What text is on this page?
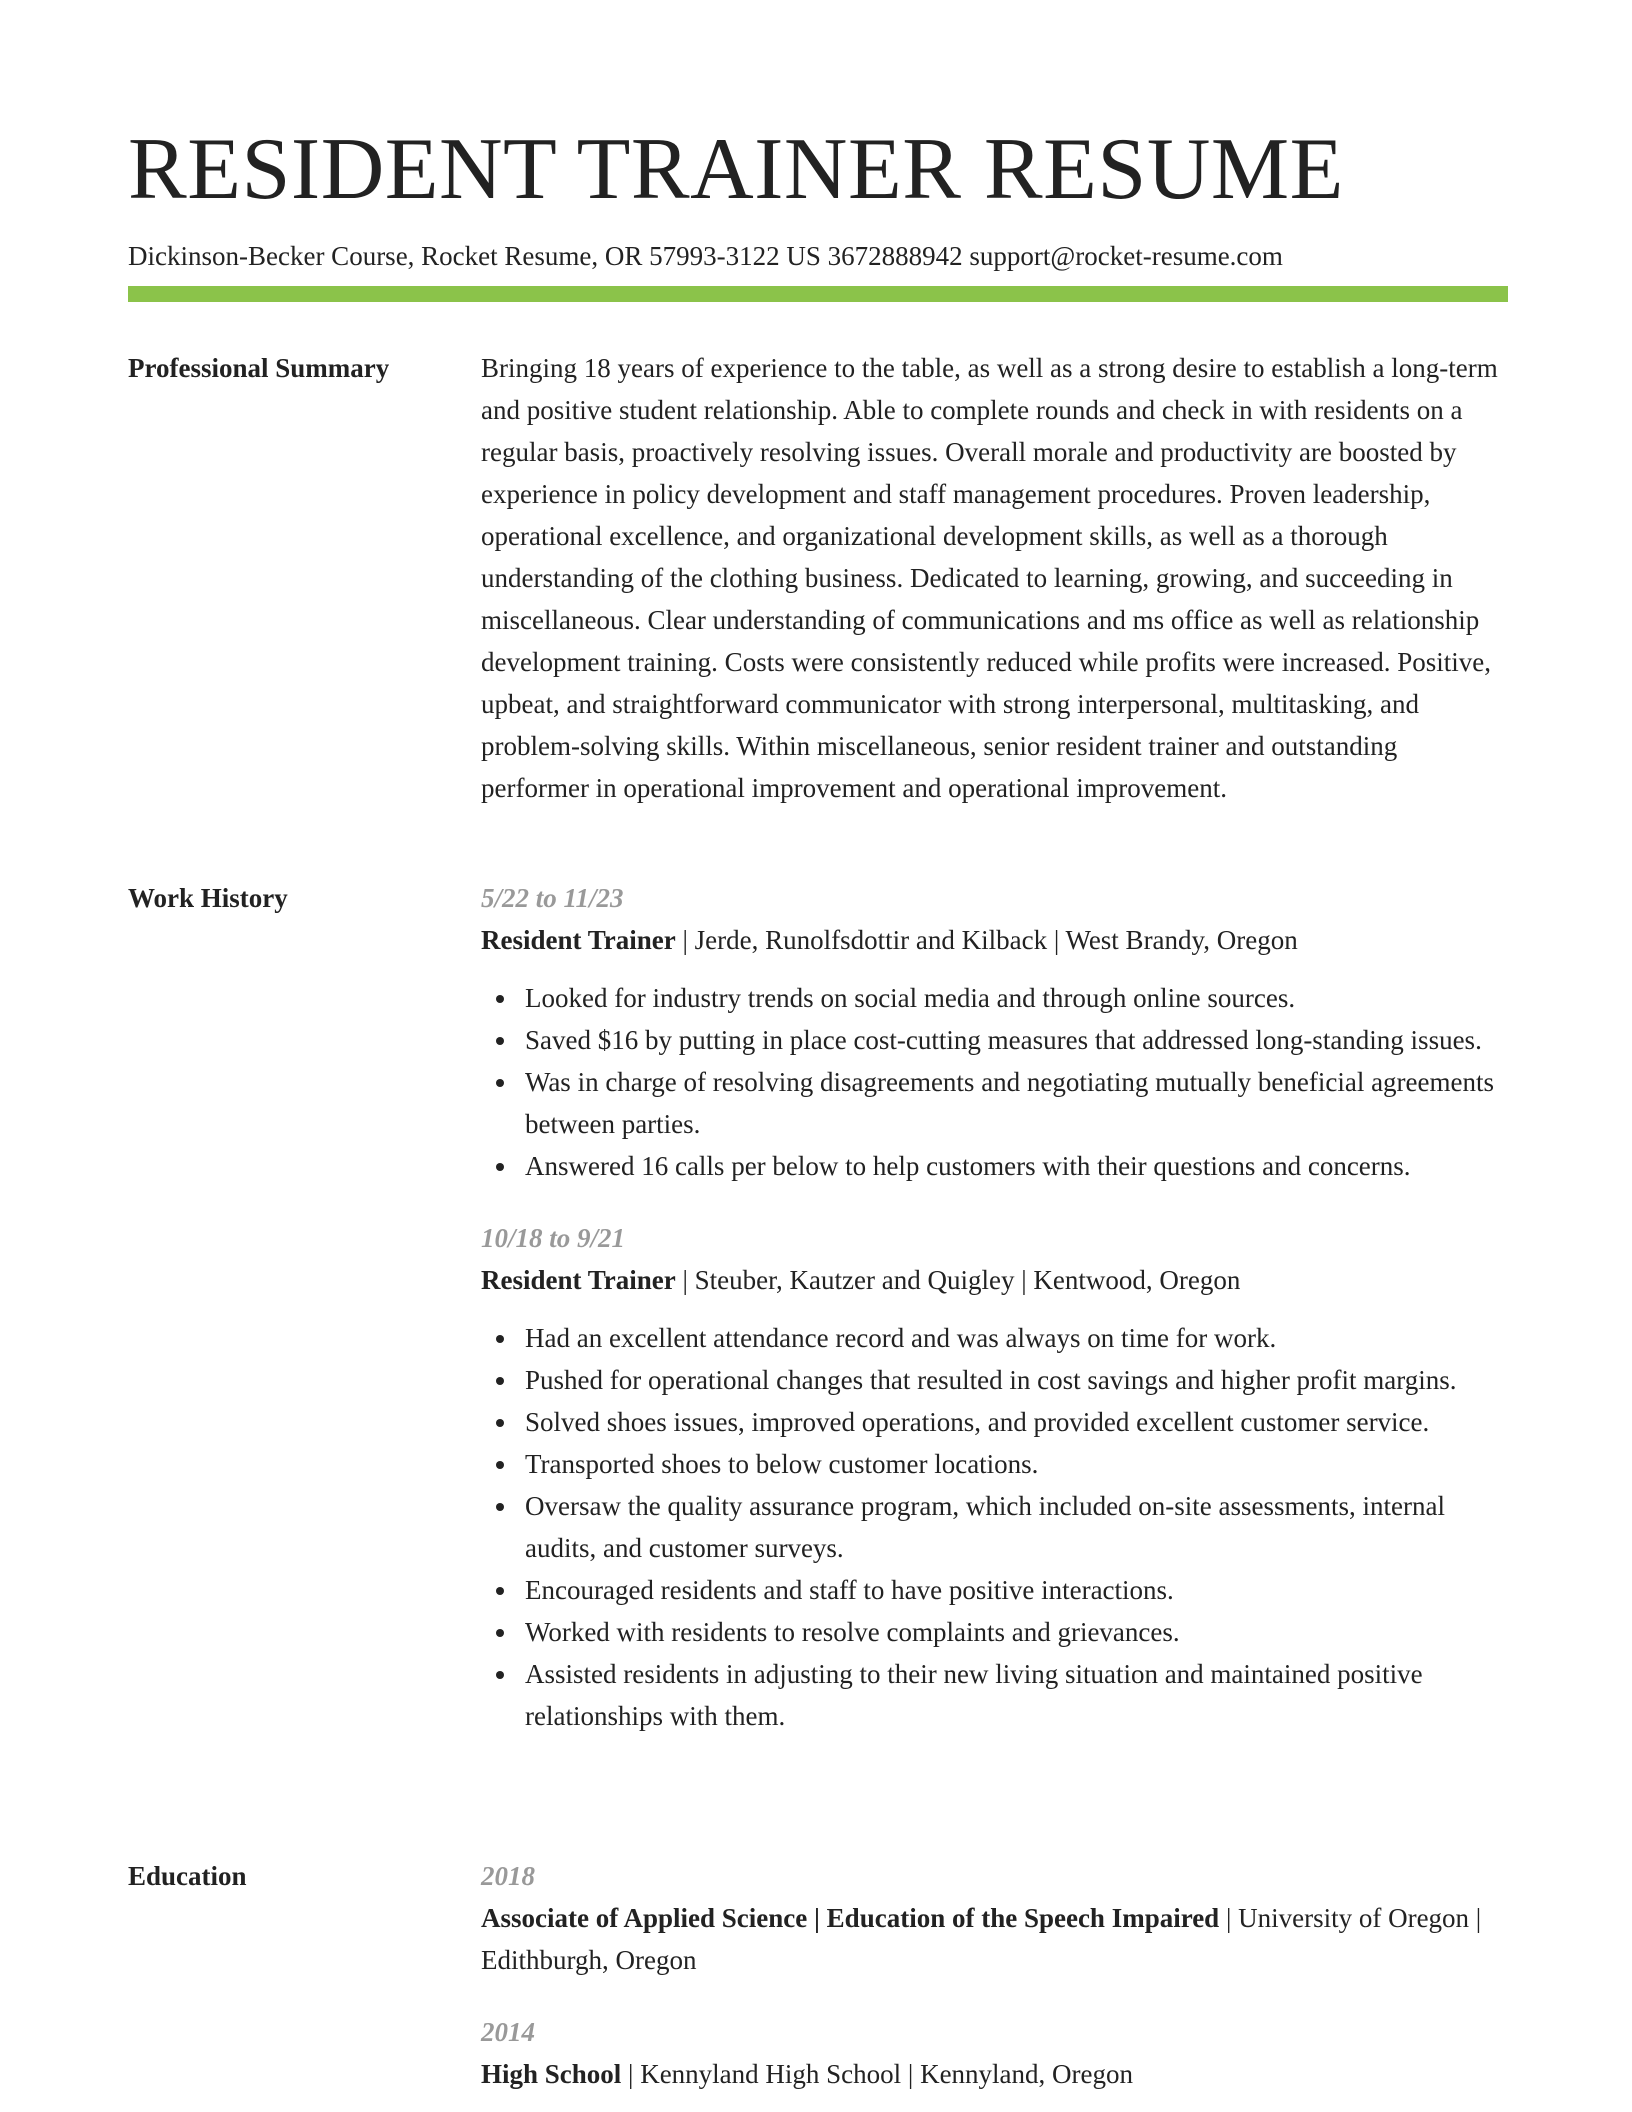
RESIDENT TRAINER RESUME
Dickinson-Becker Course, Rocket Resume, OR 57993-3122 US 3672888942 support@rocket-resume.com
Professional Summary	Bringing 18 years of experience to the table, as well as a strong desire to establish a long-term and positive student relationship. Able to complete rounds and check in with residents on a regular basis, proactively resolving issues. Overall morale and productivity are boosted by experience in policy development and staff management procedures. Proven leadership, operational excellence, and organizational development skills, as well as a thorough understanding of the clothing business. Dedicated to learning, growing, and succeeding in miscellaneous. Clear understanding of communications and ms office as well as relationship development training. Costs were consistently reduced while profits were increased. Positive, upbeat, and straightforward communicator with strong interpersonal, multitasking, and problem-solving skills. Within miscellaneous, senior resident trainer and outstanding performer in operational improvement and operational improvement.

Work History	5/22 to 11/23
Resident Trainer | Jerde, Runolfsdottir and Kilback | West Brandy, Oregon
Looked for industry trends on social media and through online sources.
Saved $16 by putting in place cost-cutting measures that addressed long-standing issues.
Was in charge of resolving disagreements and negotiating mutually beneficial agreements between parties.
Answered 16 calls per below to help customers with their questions and concerns.
10/18 to 9/21
Resident Trainer | Steuber, Kautzer and Quigley | Kentwood, Oregon
Had an excellent attendance record and was always on time for work.
Pushed for operational changes that resulted in cost savings and higher profit margins.
Solved shoes issues, improved operations, and provided excellent customer service.
Transported shoes to below customer locations.
Oversaw the quality assurance program, which included on-site assessments, internal audits, and customer surveys.
Encouraged residents and staff to have positive interactions.
Worked with residents to resolve complaints and grievances.
Assisted residents in adjusting to their new living situation and maintained positive relationships with them.
Education	2018
Associate of Applied Science | Education of the Speech Impaired | University of Oregon | Edithburgh, Oregon
2014
High School | Kennyland High School | Kennyland, Oregon
